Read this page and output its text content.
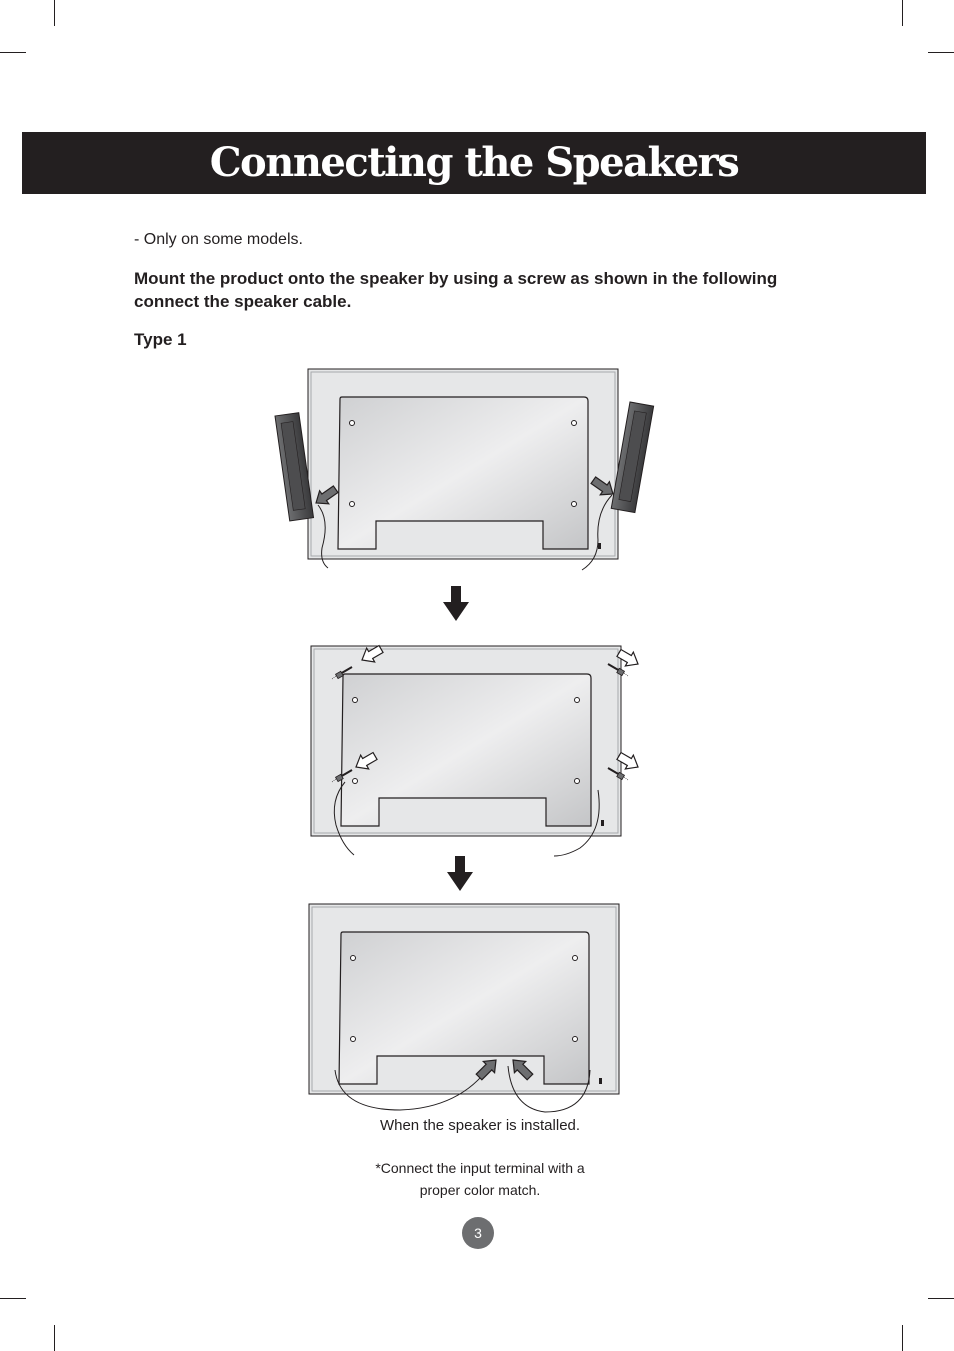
Connecting the Speakers
- Only on some models.
Mount the product onto the speaker by using a screw as shown in the following connect the speaker cable.
Type 1
When the speaker is installed.
*Connect the input terminal with a proper color match.
3
